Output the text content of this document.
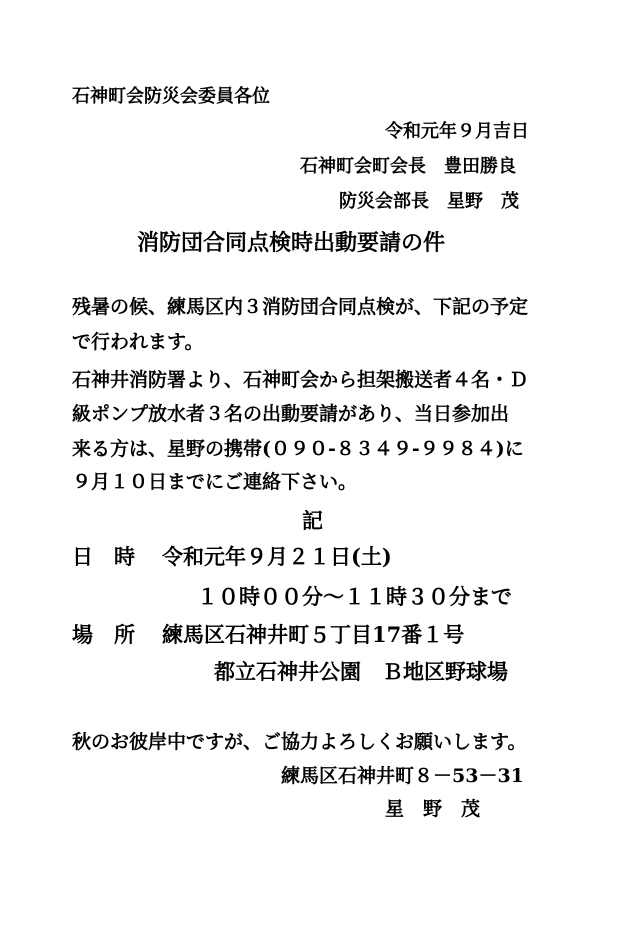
石神町会防災会委員各位
令和元年９月吉日
石神町会町会長　豊田勝良
防災会部長　星野　茂
消防団合同点検時出動要請の件
残暑の候、練馬区内３消防団合同点検が、下記の予定
で行われます。
石神井消防署より、石神町会から担架搬送者４名・Ｄ
級ポンプ放水者３名の出動要請があり、当日参加出
来る方は、星野の携帯(０９０-８３４９-９９８４)に
９月１０日までにご連絡下さい。
記
日　時 令和元年９月２１日(土)
１０時００分～１１時３０分まで
場　所 練馬区石神井町５丁目17番１号
都立石神井公園　Ｂ地区野球場
秋のお彼岸中ですが、ご協力よろしくお願いします。
練馬区石神井町８－53－31
星　野　茂
